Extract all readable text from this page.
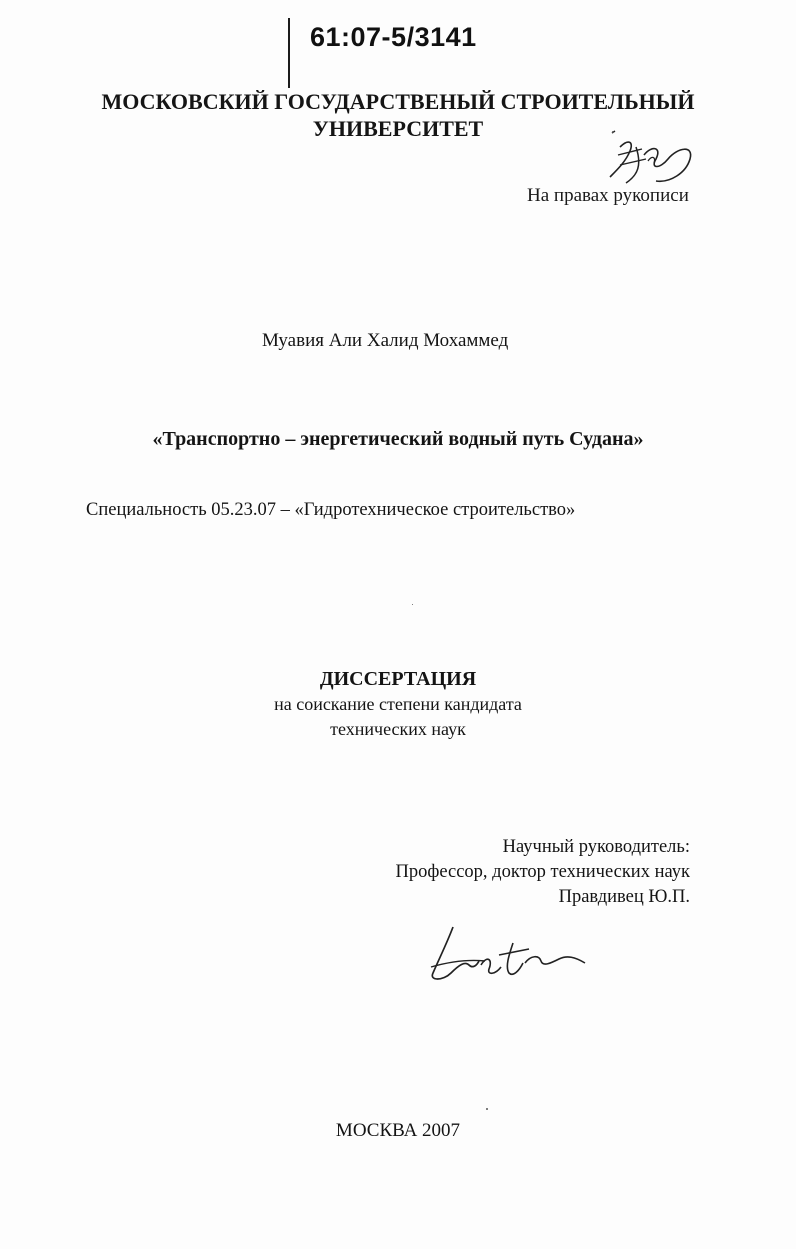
61:07-5/3141
МОСКОВСКИЙ ГОСУДАРСТВЕНЫЙ СТРОИТЕЛЬНЫЙ
УНИВЕРСИТЕТ
На правах рукописи
Муавия Али Халид Мохаммед
«Транспортно – энергетический водный путь Судана»
Специальность 05.23.07 – «Гидротехническое строительство»
ДИССЕРТАЦИЯ
на соискание степени кандидата
технических наук
Научный руководитель:
Профессор, доктор технических наук
Правдивец Ю.П.
МОСКВА 2007
